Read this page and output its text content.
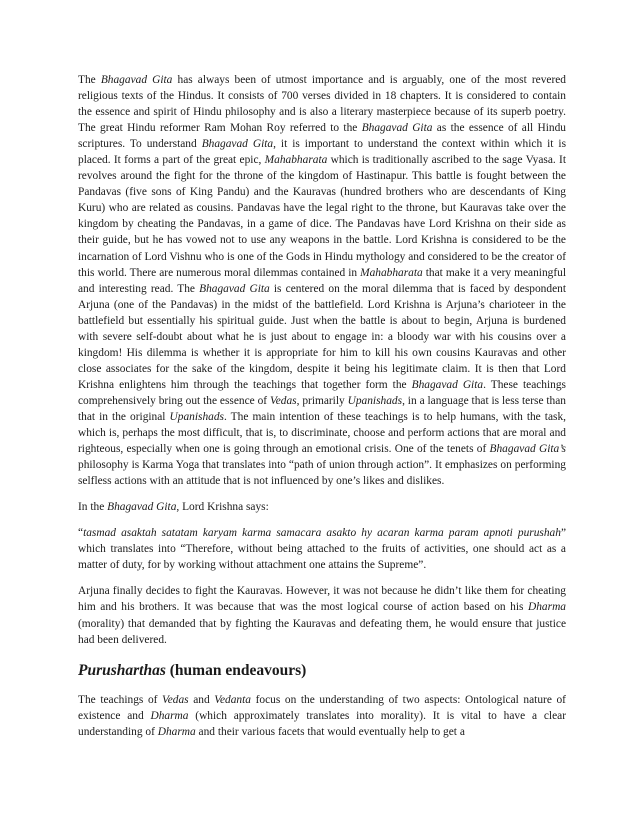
The Bhagavad Gita has always been of utmost importance and is arguably, one of the most revered religious texts of the Hindus. It consists of 700 verses divided in 18 chapters. It is considered to contain the essence and spirit of Hindu philosophy and is also a literary masterpiece because of its superb poetry. The great Hindu reformer Ram Mohan Roy referred to the Bhagavad Gita as the essence of all Hindu scriptures. To understand Bhagavad Gita, it is important to understand the context within which it is placed. It forms a part of the great epic, Mahabharata which is traditionally ascribed to the sage Vyasa. It revolves around the fight for the throne of the kingdom of Hastinapur. This battle is fought between the Pandavas (five sons of King Pandu) and the Kauravas (hundred brothers who are descendants of King Kuru) who are related as cousins. Pandavas have the legal right to the throne, but Kauravas take over the kingdom by cheating the Pandavas, in a game of dice. The Pandavas have Lord Krishna on their side as their guide, but he has vowed not to use any weapons in the battle. Lord Krishna is considered to be the incarnation of Lord Vishnu who is one of the Gods in Hindu mythology and considered to be the creator of this world. There are numerous moral dilemmas contained in Mahabharata that make it a very meaningful and interesting read. The Bhagavad Gita is centered on the moral dilemma that is faced by despondent Arjuna (one of the Pandavas) in the midst of the battlefield. Lord Krishna is Arjuna’s charioteer in the battlefield but essentially his spiritual guide. Just when the battle is about to begin, Arjuna is burdened with severe self-doubt about what he is just about to engage in: a bloody war with his cousins over a kingdom! His dilemma is whether it is appropriate for him to kill his own cousins Kauravas and other close associates for the sake of the kingdom, despite it being his legitimate claim. It is then that Lord Krishna enlightens him through the teachings that together form the Bhagavad Gita. These teachings comprehensively bring out the essence of Vedas, primarily Upanishads, in a language that is less terse than that in the original Upanishads. The main intention of these teachings is to help humans, with the task, which is, perhaps the most difficult, that is, to discriminate, choose and perform actions that are moral and righteous, especially when one is going through an emotional crisis. One of the tenets of Bhagavad Gita’s philosophy is Karma Yoga that translates into “path of union through action”. It emphasizes on performing selfless actions with an attitude that is not influenced by one’s likes and dislikes.
In the Bhagavad Gita, Lord Krishna says:
“tasmad asaktah satatam karyam karma samacara asakto hy acaran karma param apnoti purushah” which translates into “Therefore, without being attached to the fruits of activities, one should act as a matter of duty, for by working without attachment one attains the Supreme”.
Arjuna finally decides to fight the Kauravas. However, it was not because he didn’t like them for cheating him and his brothers. It was because that was the most logical course of action based on his Dharma (morality) that demanded that by fighting the Kauravas and defeating them, he would ensure that justice had been delivered.
Purusharthas (human endeavours)
The teachings of Vedas and Vedanta focus on the understanding of two aspects: Ontological nature of existence and Dharma (which approximately translates into morality). It is vital to have a clear understanding of Dharma and their various facets that would eventually help to get a
